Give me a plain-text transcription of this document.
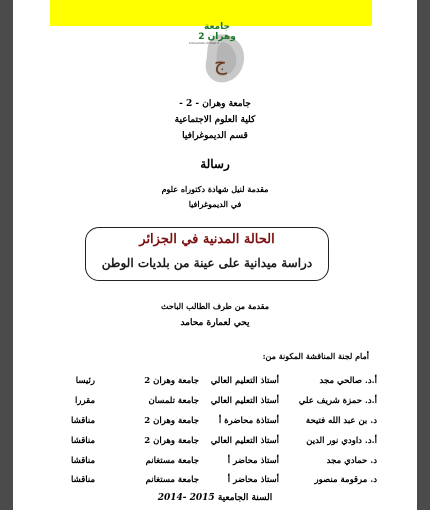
ج
Université d'Oran 2
جامعة وهران 2
جامعة وهران - 2 -
كلية العلوم الاجتماعية
قسم الديموغرافيا
رسالة
مقدمة لنيل شهادة دكتوراه علوم
في الديموغرافيا
الحالة المدنية في الجزائر
دراسة ميدانية على عينة من بلديات الوطن
مقدمة من طرف الطالب الباحث
يحي لعمارة محامد
أمام لجنة المناقشة المكونة من:
أ.د. صالحي مجد
أستاذ التعليم العالي
جامعة وهران 2
رئيسا
أ.د. حمزة شريف علي
أستاذ التعليم العالي
جامعة تلمسان
مقررا
د. بن عبد الله فتيحة
أستاذة محاضرة أ
جامعة وهران 2
مناقشا
أ.د. داودي نور الدين
أستاذ التعليم العالي
جامعة وهران 2
مناقشا
د. حمادي مجد
أستاذ محاضر أ
جامعة مستغانم
مناقشا
د. مرقومة منصور
أستاذ محاضر أ
جامعة مستغانم
مناقشا
السنة الجامعية 2014- 2015
